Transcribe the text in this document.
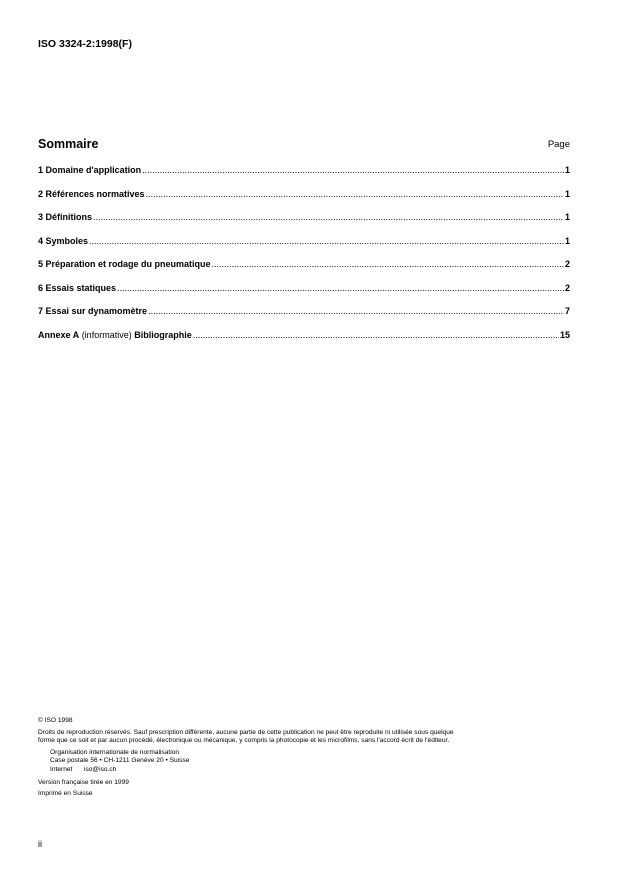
ISO 3324-2:1998(F)
Sommaire	Page
1 Domaine d'application .....	1
2 Références normatives .....	1
3 Définitions .....	1
4 Symboles .....	1
5 Préparation et rodage du pneumatique .....	2
6 Essais statiques .....	2
7 Essai sur dynamomètre .....	7
Annexe A (informative) Bibliographie .....	15
© ISO 1998
Droits de reproduction réservés. Sauf prescription différente, aucune partie de cette publication ne peut être reproduite ni utilisée sous quelque
forme que ce soit et par aucun procédé, électronique ou mécanique, y compris la photocopie et les microfilms, sans l'accord écrit de l'éditeur.
Organisation internationale de normalisation
Case postale 56 • CH-1211 Genève 20 • Suisse
Internet iso@iso.ch
Version française tirée en 1999
Imprimé en Suisse
ii
